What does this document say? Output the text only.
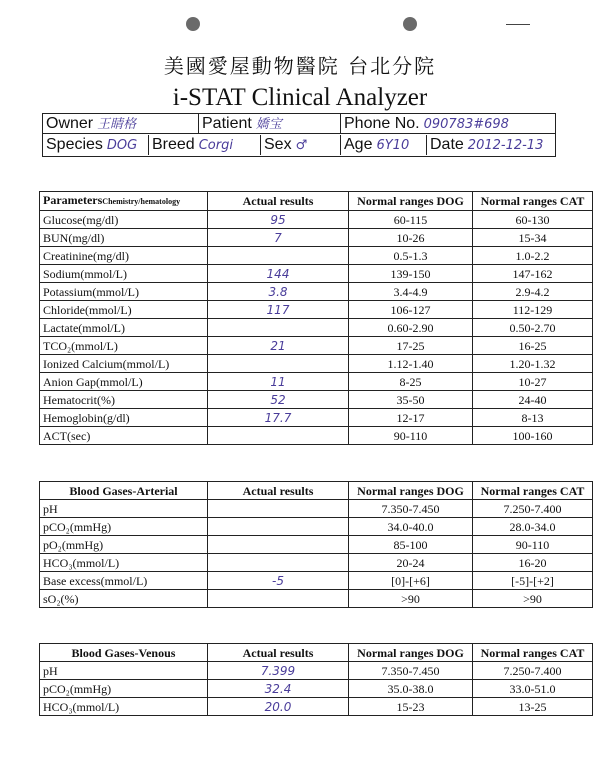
美國愛屋動物醫院 台北分院
i-STAT Clinical Analyzer
Owner 王睛格	Patient 嬌宝	Phone No. 090783#698
Species DOG Breed Corgi	Sex ♂	Age 6Y10	Date 2012-12-13
ParametersChemistry/hematology	Actual results	Normal ranges DOG	Normal ranges CAT
Glucose(mg/dl)	95	60-115	60-130
BUN(mg/dl)	7	10-26	15-34
Creatinine(mg/dl)		0.5-1.3	1.0-2.2
Sodium(mmol/L)	144	139-150	147-162
Potassium(mmol/L)	3.8	3.4-4.9	2.9-4.2
Chloride(mmol/L)	117	106-127	112-129
Lactate(mmol/L)		0.60-2.90	0.50-2.70
TCO₂(mmol/L)	21	17-25	16-25
Ionized Calcium(mmol/L)		1.12-1.40	1.20-1.32
Anion Gap(mmol/L)	11	8-25	10-27
Hematocrit(%)	52	35-50	24-40
Hemoglobin(g/dl)	17.7	12-17	8-13
ACT(sec)		90-110	100-160
Blood Gases-Arterial	Actual results	Normal ranges DOG	Normal ranges CAT
pH		7.350-7.450	7.250-7.400
pCO₂(mmHg)		34.0-40.0	28.0-34.0
pO₂(mmHg)		85-100	90-110
HCO₃(mmol/L)		20-24	16-20
Base excess(mmol/L)	-5	[0]-[+6]	[-5]-[+2]
sO₂(%)		>90	>90
Blood Gases-Venous	Actual results	Normal ranges DOG	Normal ranges CAT
pH	7.399	7.350-7.450	7.250-7.400
pCO₂(mmHg)	32.4	35.0-38.0	33.0-51.0
HCO₃(mmol/L)	20.0	15-23	13-25
